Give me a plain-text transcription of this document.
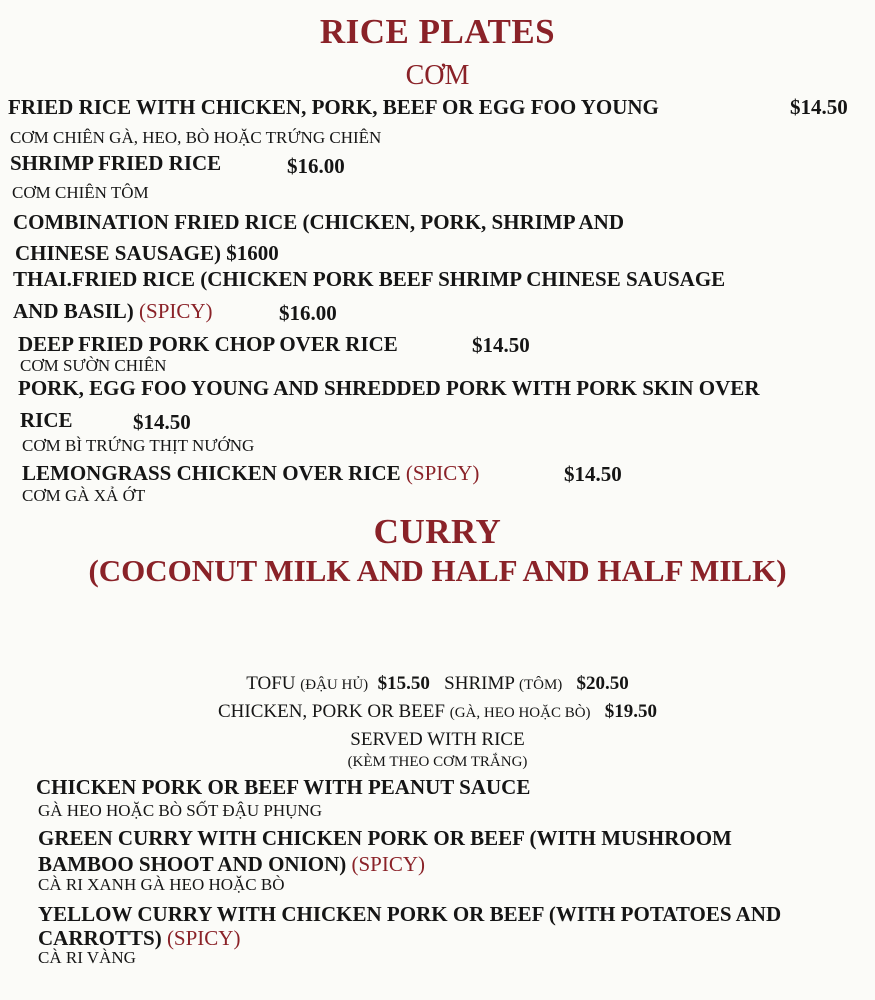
RICE PLATES
CƠM
FRIED RICE WITH CHICKEN, PORK, BEEF OR EGG FOO YOUNG	$14.50
CƠM CHIÊN GÀ, HEO, BÒ HOẶC TRỨNG CHIÊN
SHRIMP FRIED RICE	$16.00
CƠM CHIÊN TÔM
COMBINATION FRIED RICE (CHICKEN, PORK, SHRIMP AND
CHINESE SAUSAGE) $1600
THAI.FRIED RICE (CHICKEN PORK BEEF SHRIMP CHINESE SAUSAGE
AND BASIL) (SPICY)	$16.00
DEEP FRIED PORK CHOP OVER RICE	$14.50
CƠM SƯỜN CHIÊN
PORK, EGG FOO YOUNG AND SHREDDED PORK WITH PORK SKIN OVER
RICE	$14.50
CƠM BÌ TRỨNG THỊT NƯỚNG
LEMONGRASS CHICKEN OVER RICE (SPICY)	$14.50
CƠM GÀ XẢ ỚT
CURRY
(COCONUT MILK AND HALF AND HALF MILK)
TOFU (ĐẬU HỦ) $15.50 SHRIMP (TÔM) $20.50
CHICKEN, PORK OR BEEF (GÀ, HEO HOẶC BÒ) $19.50
SERVED WITH RICE
(KÈM THEO CƠM TRẮNG)
CHICKEN PORK OR BEEF WITH PEANUT SAUCE
GÀ HEO HOẶC BÒ SỐT ĐẬU PHỤNG
GREEN CURRY WITH CHICKEN PORK OR BEEF (WITH MUSHROOM
BAMBOO SHOOT AND ONION) (SPICY)
CÀ RI XANH GÀ HEO HOẶC BÒ
YELLOW CURRY WITH CHICKEN PORK OR BEEF (WITH POTATOES AND
CARROTTS) (SPICY)
CÀ RI VÀNG
